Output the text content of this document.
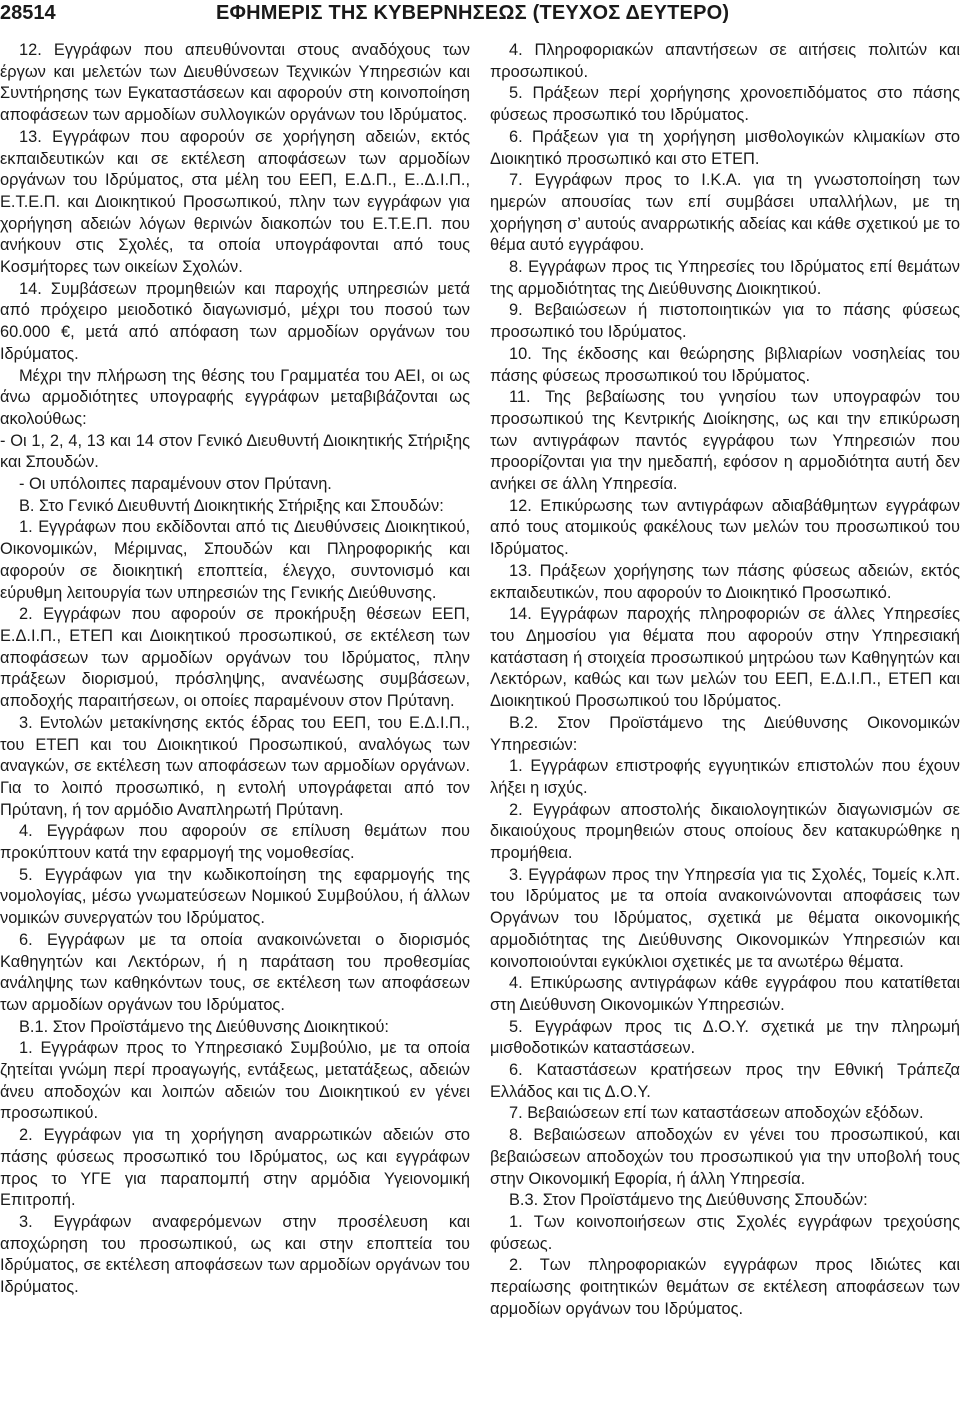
28514	ΕΦΗΜΕΡΙΣ ΤΗΣ ΚΥΒΕΡΝΗΣΕΩΣ (ΤΕΥΧΟΣ ΔΕΥΤΕΡΟ)

12. Εγγράφων που απευθύνονται στους αναδόχους των έργων και μελετών των Διευθύνσεων Τεχνικών Υπηρεσιών και Συντήρησης των Εγκαταστάσεων και αφορούν στη κοινοποίηση αποφάσεων των αρμοδίων συλλογικών οργάνων του Ιδρύματος.

13. Εγγράφων που αφορούν σε χορήγηση αδειών, εκτός εκπαιδευτικών και σε εκτέλεση αποφάσεων των αρμοδίων οργάνων του Ιδρύματος, στα μέλη του ΕΕΠ, Ε.Δ.Π., Ε..Δ.Ι.Π., Ε.Τ.Ε.Π. και Διοικητικού Προσωπικού, πλην των εγγράφων για χορήγηση αδειών λόγων θερινών διακοπών του Ε.Τ.Ε.Π. που ανήκουν στις Σχολές, τα οποία υπογράφονται από τους Κοσμήτορες των οικείων Σχολών.

14. Συμβάσεων προμηθειών και παροχής υπηρεσιών μετά από πρόχειρο μειοδοτικό διαγωνισμό, μέχρι του ποσού των 60.000 €, μετά από απόφαση των αρμοδίων οργάνων του Ιδρύματος.

Μέχρι την πλήρωση της θέσης του Γραμματέα του ΑΕΙ, οι ως άνω αρμοδιότητες υπογραφής εγγράφων μεταβιβάζονται ως ακολούθως:

- Οι 1, 2, 4, 13 και 14 στον Γενικό Διευθυντή Διοικητικής Στήριξης και Σπουδών.

- Οι υπόλοιπες παραμένουν στον Πρύτανη.

Β. Στο Γενικό Διευθυντή Διοικητικής Στήριξης και Σπουδών:

1. Εγγράφων που εκδίδονται από τις Διευθύνσεις Διοικητικού, Οικονομικών, Μέριμνας, Σπουδών και Πληροφορικής και αφορούν σε διοικητική εποπτεία, έλεγχο, συντονισμό και εύρυθμη λειτουργία των υπηρεσιών της Γενικής Διεύθυνσης.

2. Εγγράφων που αφορούν σε προκήρυξη θέσεων ΕΕΠ, Ε.Δ.Ι.Π., ΕΤΕΠ και Διοικητικού προσωπικού, σε εκτέλεση των αποφάσεων των αρμοδίων οργάνων του Ιδρύματος, πλην πράξεων διορισμού, πρόσληψης, ανανέωσης συμβάσεων, αποδοχής παραιτήσεων, οι οποίες παραμένουν στον Πρύτανη.

3. Εντολών μετακίνησης εκτός έδρας του ΕΕΠ, του Ε.Δ.Ι.Π., του ΕΤΕΠ και του Διοικητικού Προσωπικού, αναλόγως των αναγκών, σε εκτέλεση των αποφάσεων των αρμοδίων οργάνων. Για το λοιπό προσωπικό, η εντολή υπογράφεται από τον Πρύτανη, ή τον αρμόδιο Αναπληρωτή Πρύτανη.

4. Εγγράφων που αφορούν σε επίλυση θεμάτων που προκύπτουν κατά την εφαρμογή της νομοθεσίας.

5. Εγγράφων για την κωδικοποίηση της εφαρμογής της νομολογίας, μέσω γνωματεύσεων Νομικού Συμβούλου, ή άλλων νομικών συνεργατών του Ιδρύματος.

6. Εγγράφων με τα οποία ανακοινώνεται ο διορισμός Καθηγητών και Λεκτόρων, ή η παράταση του προθεσμίας ανάληψης των καθηκόντων τους, σε εκτέλεση των αποφάσεων των αρμοδίων οργάνων του Ιδρύματος.

Β.1. Στον Προϊστάμενο της Διεύθυνσης Διοικητικού:

1. Εγγράφων προς το Υπηρεσιακό Συμβούλιο, με τα οποία ζητείται γνώμη περί προαγωγής, εντάξεως, μετατάξεως, αδειών άνευ αποδοχών και λοιπών αδειών του Διοικητικού εν γένει προσωπικού.

2. Εγγράφων για τη χορήγηση αναρρωτικών αδειών στο πάσης φύσεως προσωπικό του Ιδρύματος, ως και εγγράφων προς το ΥΓΕ για παραπομπή στην αρμόδια Υγειονομική Επιτροπή.

3. Εγγράφων αναφερόμενων στην προσέλευση και αποχώρηση του προσωπικού, ως και στην εποπτεία του Ιδρύματος, σε εκτέλεση αποφάσεων των αρμοδίων οργάνων του Ιδρύματος.

4. Πληροφοριακών απαντήσεων σε αιτήσεις πολιτών και προσωπικού.

5. Πράξεων περί χορήγησης χρονοεπιδόματος στο πάσης φύσεως προσωπικό του Ιδρύματος.

6. Πράξεων για τη χορήγηση μισθολογικών κλιμακίων στο Διοικητικό προσωπικό και στο ΕΤΕΠ.

7. Εγγράφων προς το Ι.Κ.Α. για τη γνωστοποίηση των ημερών απουσίας των επί συμβάσει υπαλλήλων, με τη χορήγηση σ’ αυτούς αναρρωτικής αδείας και κάθε σχετικού με το θέμα αυτό εγγράφου.

8. Εγγράφων προς τις Υπηρεσίες του Ιδρύματος επί θεμάτων της αρμοδιότητας της Διεύθυνσης Διοικητικού.

9. Βεβαιώσεων ή πιστοποιητικών για το πάσης φύσεως προσωπικό του Ιδρύματος.

10. Της έκδοσης και θεώρησης βιβλιαρίων νοσηλείας του πάσης φύσεως προσωπικού του Ιδρύματος.

11. Της βεβαίωσης του γνησίου των υπογραφών του προσωπικού της Κεντρικής Διοίκησης, ως και την επικύρωση των αντιγράφων παντός εγγράφου των Υπηρεσιών που προορίζονται για την ημεδαπή, εφόσον η αρμοδιότητα αυτή δεν ανήκει σε άλλη Υπηρεσία.

12. Επικύρωσης των αντιγράφων αδιαβάθμητων εγγράφων από τους ατομικούς φακέλους των μελών του προσωπικού του Ιδρύματος.

13. Πράξεων χορήγησης των πάσης φύσεως αδειών, εκτός εκπαιδευτικών, που αφορούν το Διοικητικό Προσωπικό.

14. Εγγράφων παροχής πληροφοριών σε άλλες Υπηρεσίες του Δημοσίου για θέματα που αφορούν στην Υπηρεσιακή κατάσταση ή στοιχεία προσωπικού μητρώου των Καθηγητών και Λεκτόρων, καθώς και των μελών του ΕΕΠ, Ε.Δ.Ι.Π., ΕΤΕΠ και Διοικητικού Προσωπικού του Ιδρύματος.

Β.2. Στον Προϊστάμενο της Διεύθυνσης Οικονομικών Υπηρεσιών:

1. Εγγράφων επιστροφής εγγυητικών επιστολών που έχουν λήξει η ισχύς.

2. Εγγράφων αποστολής δικαιολογητικών διαγωνισμών σε δικαιούχους προμηθειών στους οποίους δεν κατακυρώθηκε η προμήθεια.

3. Εγγράφων προς την Υπηρεσία για τις Σχολές, Τομείς κ.λπ. του Ιδρύματος με τα οποία ανακοινώνονται αποφάσεις των Οργάνων του Ιδρύματος, σχετικά με θέματα οικονομικής αρμοδιότητας της Διεύθυνσης Οικονομικών Υπηρεσιών και κοινοποιούνται εγκύκλιοι σχετικές με τα ανωτέρω θέματα.

4. Επικύρωσης αντιγράφων κάθε εγγράφου που κατατίθεται στη Διεύθυνση Οικονομικών Υπηρεσιών.

5. Εγγράφων προς τις Δ.Ο.Υ. σχετικά με την πληρωμή μισθοδοτικών καταστάσεων.

6. Καταστάσεων κρατήσεων προς την Εθνική Τράπεζα Ελλάδος και τις Δ.Ο.Υ.

7. Βεβαιώσεων επί των καταστάσεων αποδοχών εξόδων.

8. Βεβαιώσεων αποδοχών εν γένει του προσωπικού, και βεβαιώσεων αποδοχών του προσωπικού για την υποβολή τους στην Οικονομική Εφορία, ή άλλη Υπηρεσία.

Β.3. Στον Προϊστάμενο της Διεύθυνσης Σπουδών:

1. Των κοινοποιήσεων στις Σχολές εγγράφων τρεχούσης φύσεως.

2. Των πληροφοριακών εγγράφων προς Ιδιώτες και περαίωσης φοιτητικών θεμάτων σε εκτέλεση αποφάσεων των αρμοδίων οργάνων του Ιδρύματος.
